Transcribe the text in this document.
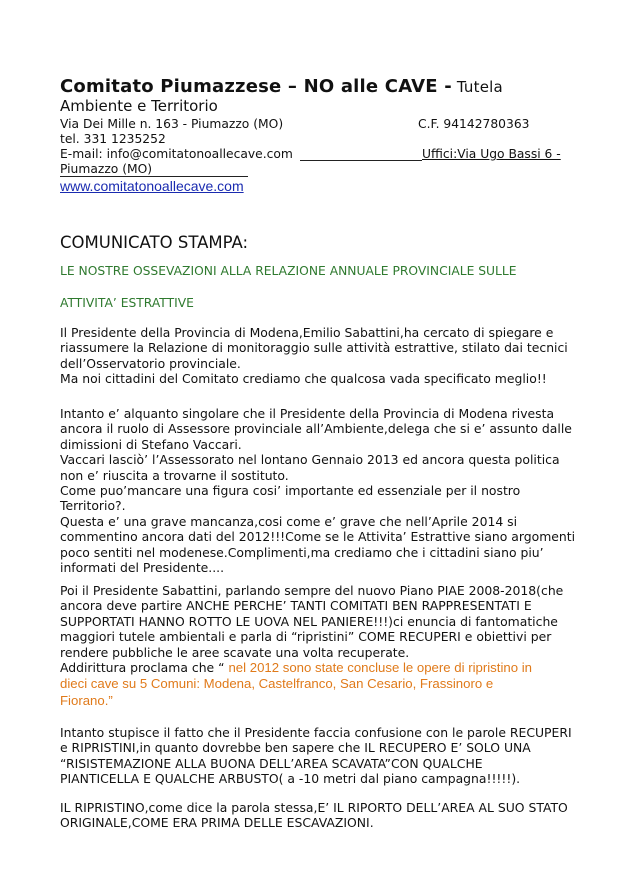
Comitato Piumazzese – NO alle CAVE - Tutela
Ambiente e Territorio
Via Dei Mille n. 163 - Piumazzo (MO)	C.F. 94142780363
tel. 331 1235252
E-mail: info@comitatonoallecave.com	Uffici:Via Ugo Bassi 6 -
Piumazzo (MO)
www.comitatonoallecave.com
COMUNICATO STAMPA:
LE NOSTRE OSSEVAZIONI ALLA RELAZIONE ANNUALE PROVINCIALE SULLE
ATTIVITA’ ESTRATTIVE
Il Presidente della Provincia di Modena,Emilio Sabattini,ha cercato di spiegare e
riassumere la Relazione di monitoraggio sulle attività estrattive, stilato dai tecnici
dell’Osservatorio provinciale.
Ma noi cittadini del Comitato crediamo che qualcosa vada specificato meglio!!
Intanto e’ alquanto singolare che il Presidente della Provincia di Modena rivesta
ancora il ruolo di Assessore provinciale all’Ambiente,delega che si e’ assunto dalle
dimissioni di Stefano Vaccari.
Vaccari lasciò’ l’Assessorato nel lontano Gennaio 2013 ed ancora questa politica
non e’ riuscita a trovarne il sostituto.
Come puo’mancare una figura cosi’ importante ed essenziale per il nostro
Territorio?.
Questa e’ una grave mancanza,cosi come e’ grave che nell’Aprile 2014 si
commentino ancora dati del 2012!!!Come se le Attivita’ Estrattive siano argomenti
poco sentiti nel modenese.Complimenti,ma crediamo che i cittadini siano piu’
informati del Presidente....
Poi il Presidente Sabattini, parlando sempre del nuovo Piano PIAE 2008-2018(che
ancora deve partire ANCHE PERCHE’ TANTI COMITATI BEN RAPPRESENTATI E
SUPPORTATI HANNO ROTTO LE UOVA NEL PANIERE!!!)ci enuncia di fantomatiche
maggiori tutele ambientali e parla di “ripristini” COME RECUPERI e obiettivi per
rendere pubbliche le aree scavate una volta recuperate.
Addirittura proclama che “ nel 2012 sono state concluse le opere di ripristino in
dieci cave su 5 Comuni: Modena, Castelfranco, San Cesario, Frassinoro e
Fiorano.”
Intanto stupisce il fatto che il Presidente faccia confusione con le parole RECUPERI
e RIPRISTINI,in quanto dovrebbe ben sapere che IL RECUPERO E’ SOLO UNA
“RISISTEMAZIONE ALLA BUONA DELL’AREA SCAVATA”CON QUALCHE
PIANTICELLA E QUALCHE ARBUSTO( a -10 metri dal piano campagna!!!!!).
IL RIPRISTINO,come dice la parola stessa,E’ IL RIPORTO DELL’AREA AL SUO STATO
ORIGINALE,COME ERA PRIMA DELLE ESCAVAZIONI.
